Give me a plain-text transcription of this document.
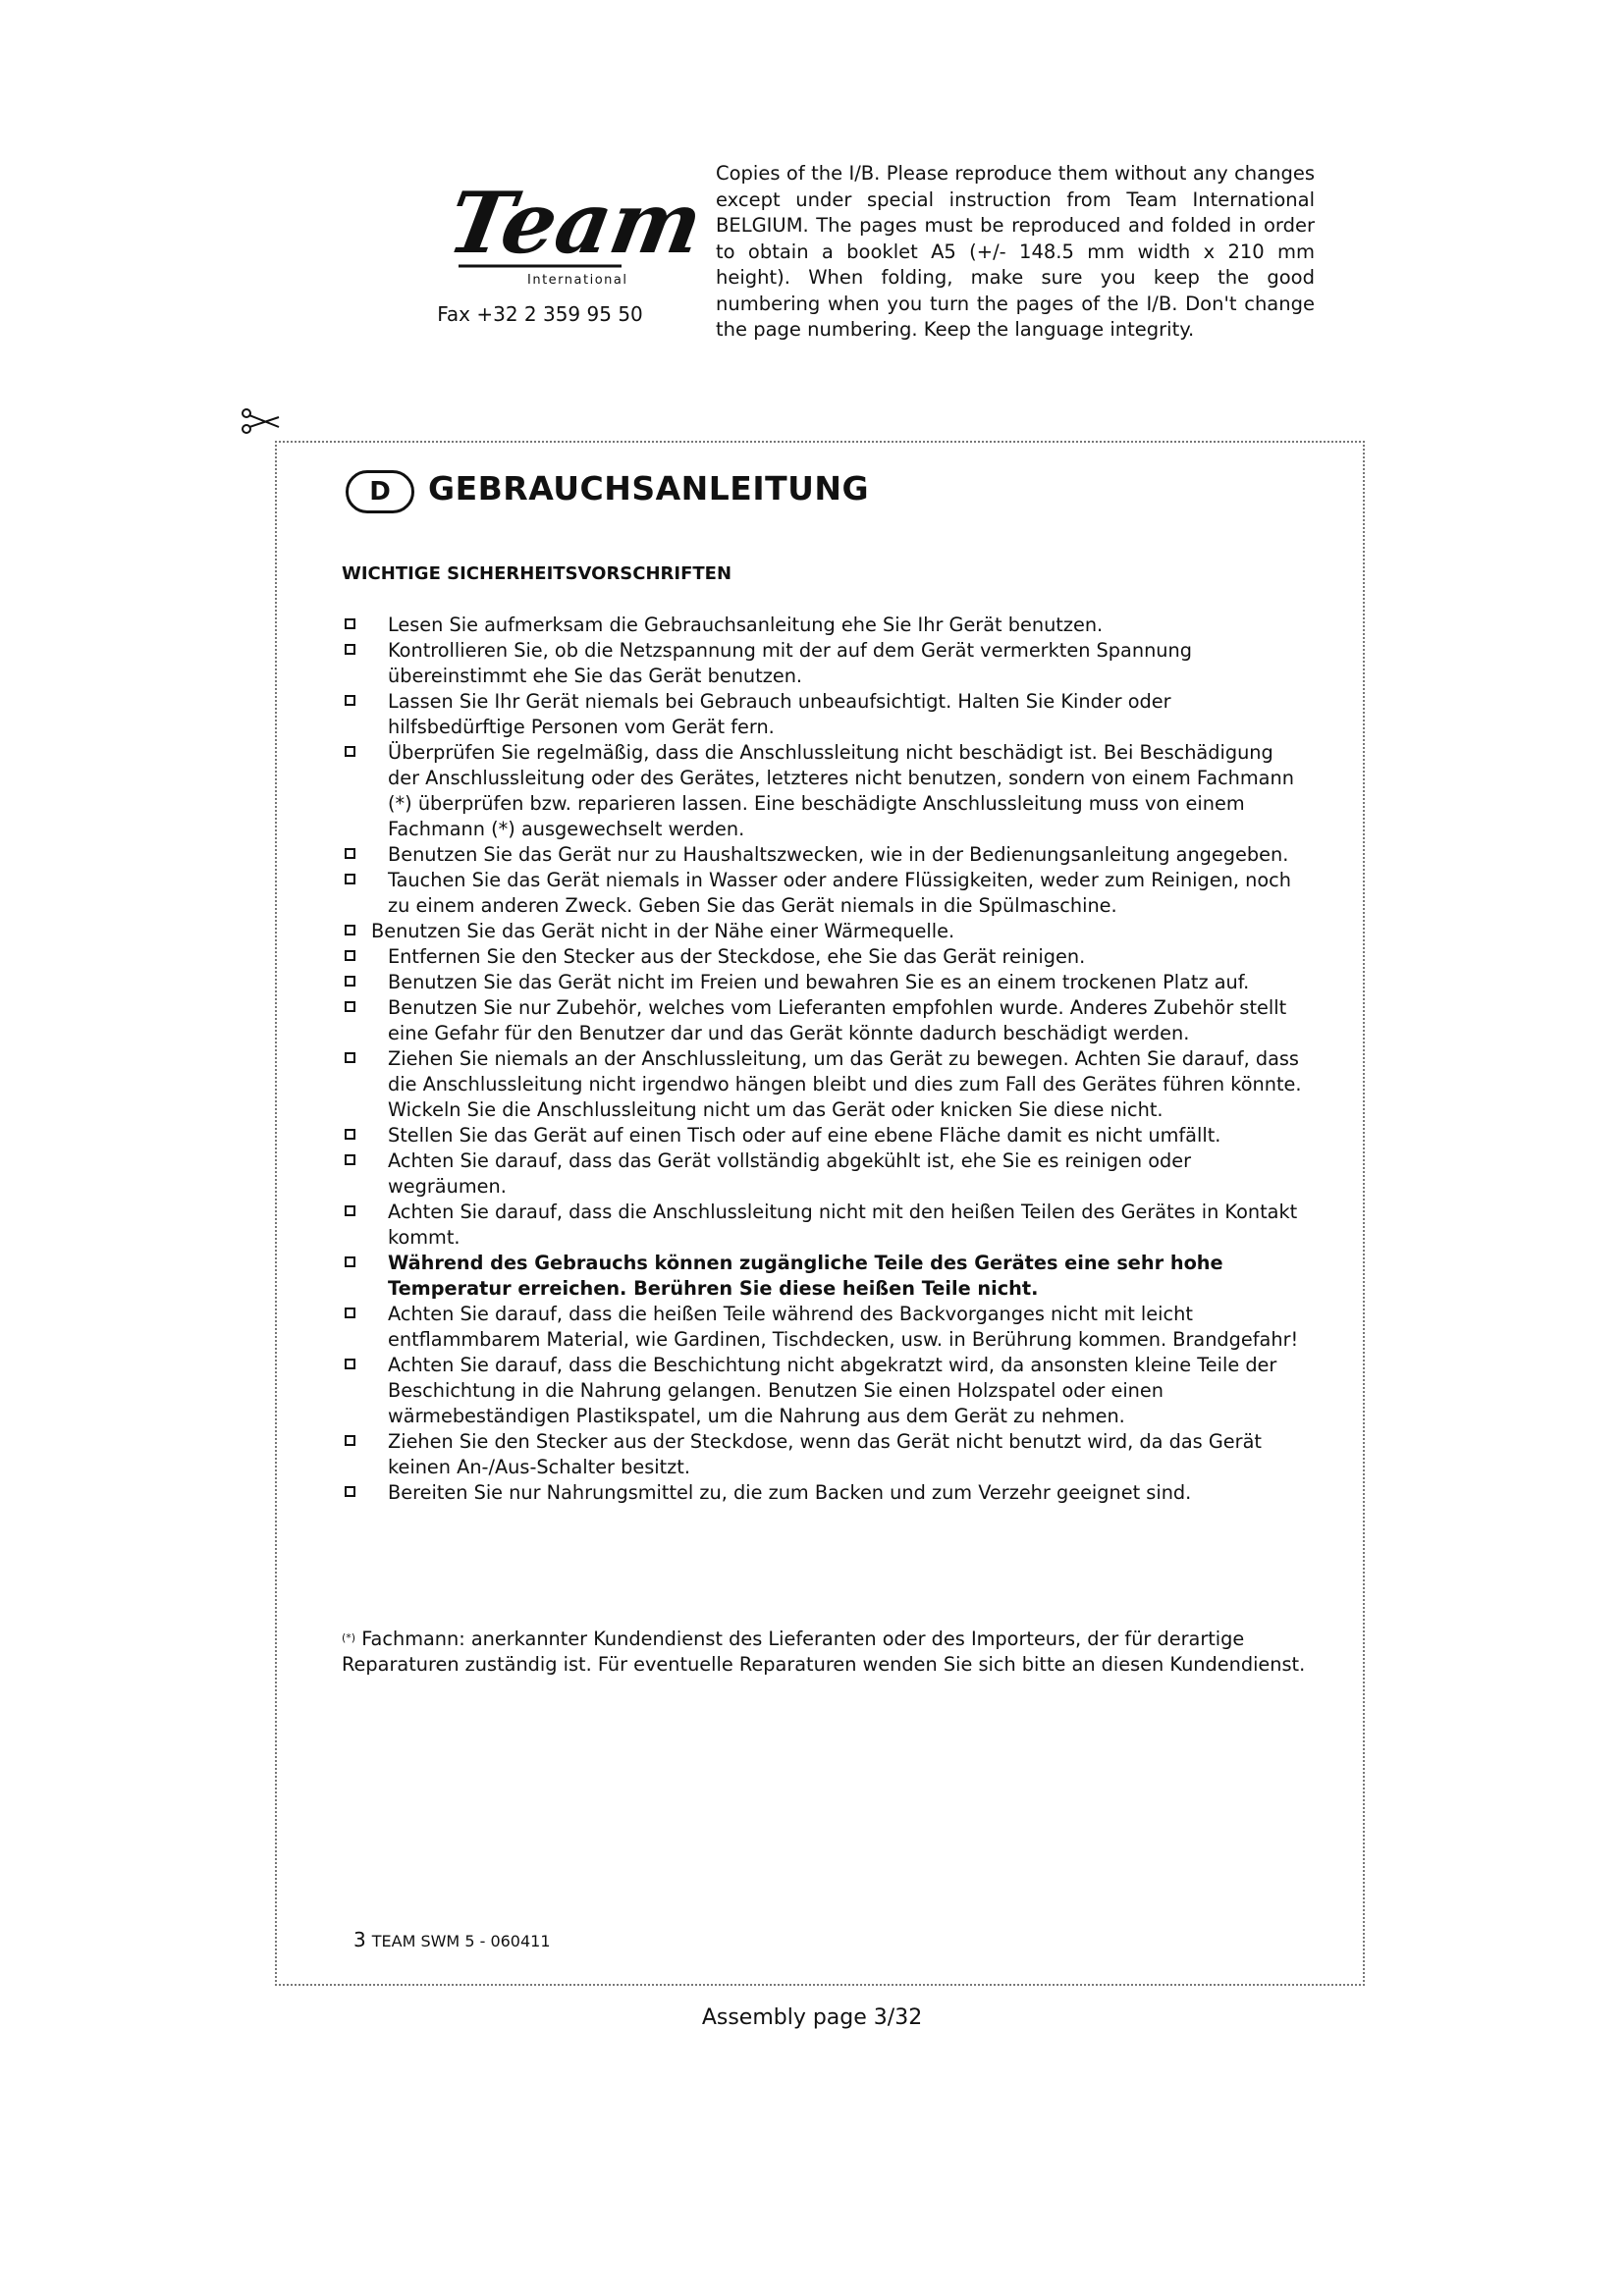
Team
International
Fax +32 2 359 95 50
Copies of the I/B. Please reproduce them without any changes except under special instruction from Team International BELGIUM. The pages must be reproduced and folded in order to obtain a booklet A5 (+/- 148.5 mm width x 210 mm height). When folding, make sure you keep the good numbering when you turn the pages of the I/B. Don't change the page numbering. Keep the language integrity.
D	GEBRAUCHSANLEITUNG
WICHTIGE SICHERHEITSVORSCHRIFTEN
Lesen Sie aufmerksam die Gebrauchsanleitung ehe Sie Ihr Gerät benutzen.
Kontrollieren Sie, ob die Netzspannung mit der auf dem Gerät vermerkten Spannung übereinstimmt ehe Sie das Gerät benutzen.
Lassen Sie Ihr Gerät niemals bei Gebrauch unbeaufsichtigt. Halten Sie Kinder oder hilfsbedürftige Personen vom Gerät fern.
Überprüfen Sie regelmäßig, dass die Anschlussleitung nicht beschädigt ist. Bei Beschädigung der Anschlussleitung oder des Gerätes, letzteres nicht benutzen, sondern von einem Fachmann (*) überprüfen bzw. reparieren lassen. Eine beschädigte Anschlussleitung muss von einem Fachmann (*) ausgewechselt werden.
Benutzen Sie das Gerät nur zu Haushaltszwecken, wie in der Bedienungsanleitung angegeben.
Tauchen Sie das Gerät niemals in Wasser oder andere Flüssigkeiten, weder zum Reinigen, noch zu einem anderen Zweck. Geben Sie das Gerät niemals in die Spülmaschine.
Benutzen Sie das Gerät nicht in der Nähe einer Wärmequelle.
Entfernen Sie den Stecker aus der Steckdose, ehe Sie das Gerät reinigen.
Benutzen Sie das Gerät nicht im Freien und bewahren Sie es an einem trockenen Platz auf.
Benutzen Sie nur Zubehör, welches vom Lieferanten empfohlen wurde. Anderes Zubehör stellt eine Gefahr für den Benutzer dar und das Gerät könnte dadurch beschädigt werden.
Ziehen Sie niemals an der Anschlussleitung, um das Gerät zu bewegen. Achten Sie darauf, dass die Anschlussleitung nicht irgendwo hängen bleibt und dies zum Fall des Gerätes führen könnte. Wickeln Sie die Anschlussleitung nicht um das Gerät oder knicken Sie diese nicht.
Stellen Sie das Gerät auf einen Tisch oder auf eine ebene Fläche damit es nicht umfällt.
Achten Sie darauf, dass das Gerät vollständig abgekühlt ist, ehe Sie es reinigen oder wegräumen.
Achten Sie darauf, dass die Anschlussleitung nicht mit den heißen Teilen des Gerätes in Kontakt kommt.
Während des Gebrauchs können zugängliche Teile des Gerätes eine sehr hohe Temperatur erreichen. Berühren Sie diese heißen Teile nicht.
Achten Sie darauf, dass die heißen Teile während des Backvorganges nicht mit leicht entflammbarem Material, wie Gardinen, Tischdecken, usw. in Berührung kommen. Brandgefahr!
Achten Sie darauf, dass die Beschichtung nicht abgekratzt wird, da ansonsten kleine Teile der Beschichtung in die Nahrung gelangen. Benutzen Sie einen Holzspatel oder einen wärmebeständigen Plastikspatel, um die Nahrung aus dem Gerät zu nehmen.
Ziehen Sie den Stecker aus der Steckdose, wenn das Gerät nicht benutzt wird, da das Gerät keinen An-/Aus-Schalter besitzt.
Bereiten Sie nur Nahrungsmittel zu, die zum Backen und zum Verzehr geeignet sind.
(*) Fachmann: anerkannter Kundendienst des Lieferanten oder des Importeurs, der für derartige Reparaturen zuständig ist. Für eventuelle Reparaturen wenden Sie sich bitte an diesen Kundendienst.
3 TEAM SWM 5 - 060411
Assembly page 3/32
